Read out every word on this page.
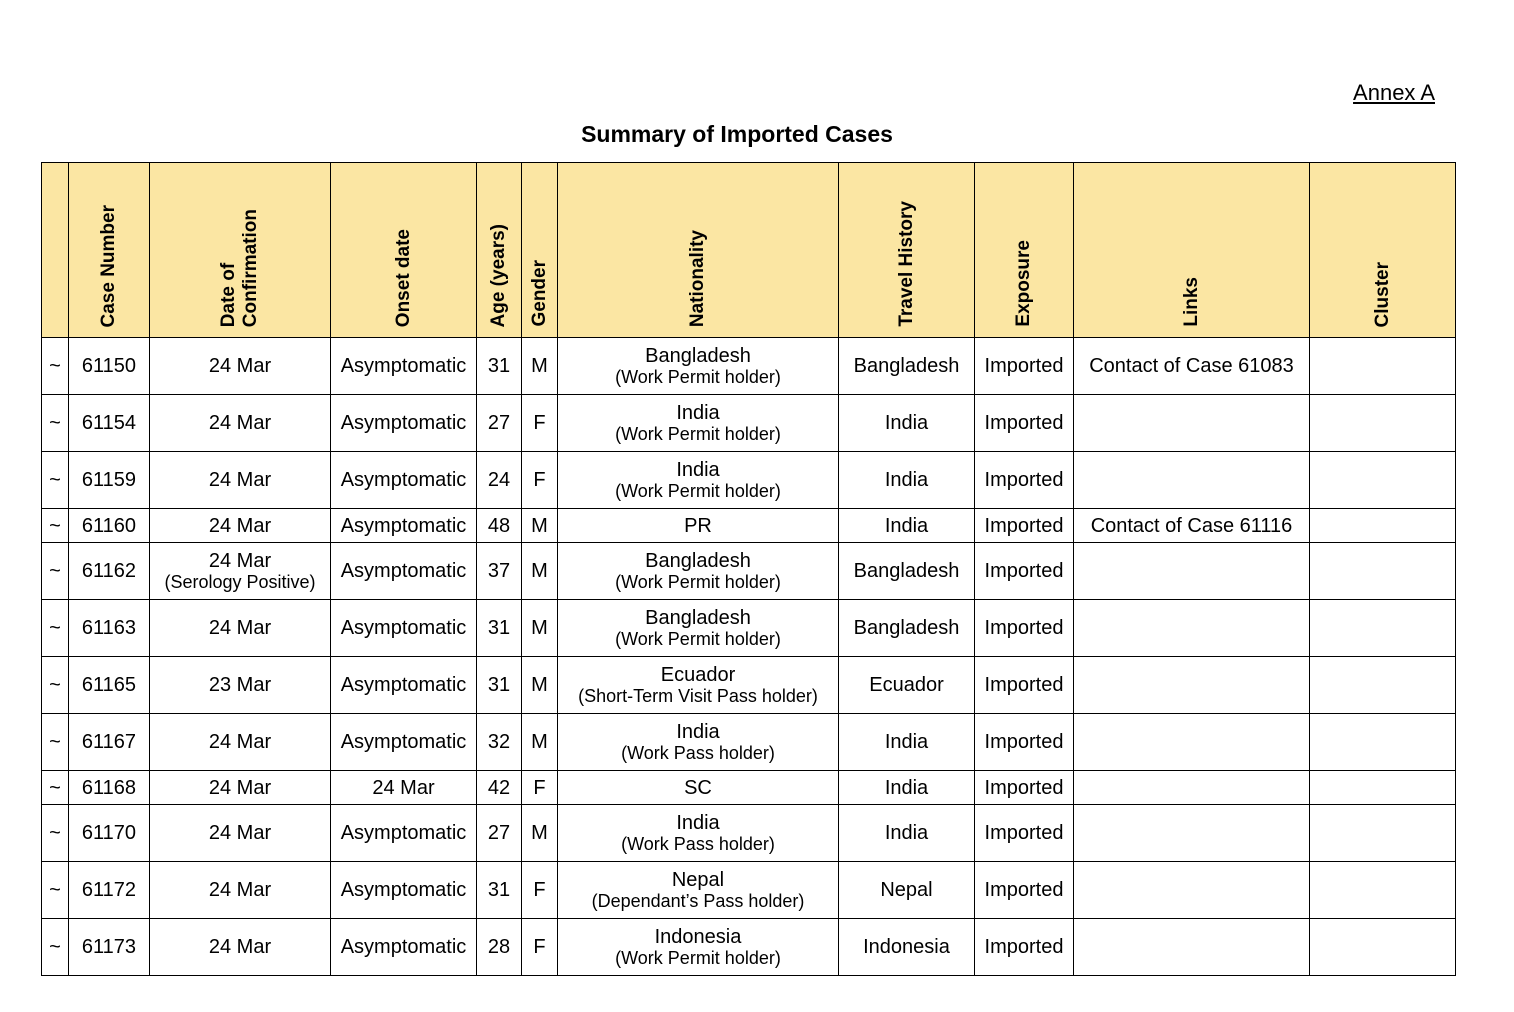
Annex A
Summary of Imported Cases
	Case Number	Date of
Confirmation	Onset date	Age (years)	Gender	Nationality	Travel History	Exposure	Links	Cluster
~	61150	24 Mar	Asymptomatic	31	M	Bangladesh
(Work Permit holder)	Bangladesh	Imported	Contact of Case 61083	
~	61154	24 Mar	Asymptomatic	27	F	India
(Work Permit holder)	India	Imported		
~	61159	24 Mar	Asymptomatic	24	F	India
(Work Permit holder)	India	Imported		
~	61160	24 Mar	Asymptomatic	48	M	PR	India	Imported	Contact of Case 61116	
~	61162	24 Mar
(Serology Positive)	Asymptomatic	37	M	Bangladesh
(Work Permit holder)	Bangladesh	Imported		
~	61163	24 Mar	Asymptomatic	31	M	Bangladesh
(Work Permit holder)	Bangladesh	Imported		
~	61165	23 Mar	Asymptomatic	31	M	Ecuador
(Short-Term Visit Pass holder)	Ecuador	Imported		
~	61167	24 Mar	Asymptomatic	32	M	India
(Work Pass holder)	India	Imported		
~	61168	24 Mar	24 Mar	42	F	SC	India	Imported		
~	61170	24 Mar	Asymptomatic	27	M	India
(Work Pass holder)	India	Imported		
~	61172	24 Mar	Asymptomatic	31	F	Nepal
(Dependant’s Pass holder)	Nepal	Imported		
~	61173	24 Mar	Asymptomatic	28	F	Indonesia
(Work Permit holder)	Indonesia	Imported		
